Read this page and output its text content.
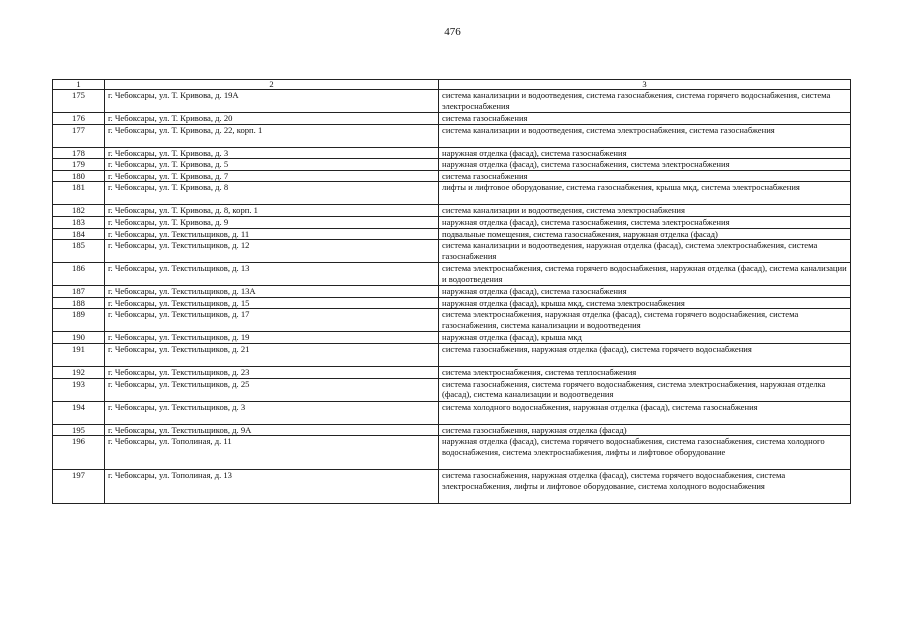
476
1	2	3
175	г. Чебоксары, ул. Т. Кривова, д. 19А	система канализации и водоотведения, система газоснабжения, система горячего водоснабжения, система электроснабжения
176	г. Чебоксары, ул. Т. Кривова, д. 20	система газоснабжения
177	г. Чебоксары, ул. Т. Кривова, д. 22, корп. 1	система канализации и водоотведения, система электроснабжения, система газоснабжения
178	г. Чебоксары, ул. Т. Кривова, д. 3	наружная отделка (фасад), система газоснабжения
179	г. Чебоксары, ул. Т. Кривова, д. 5	наружная отделка (фасад), система газоснабжения, система электроснабжения
180	г. Чебоксары, ул. Т. Кривова, д. 7	система газоснабжения
181	г. Чебоксары, ул. Т. Кривова, д. 8	лифты и лифтовое оборудование, система газоснабжения, крыша мкд, система электроснабжения
182	г. Чебоксары, ул. Т. Кривова, д. 8, корп. 1	система канализации и водоотведения, система электроснабжения
183	г. Чебоксары, ул. Т. Кривова, д. 9	наружная отделка (фасад), система газоснабжения, система электроснабжения
184	г. Чебоксары, ул. Текстильщиков, д. 11	подвальные помещения, система газоснабжения, наружная отделка (фасад)
185	г. Чебоксары, ул. Текстильщиков, д. 12	система канализации и водоотведения, наружная отделка (фасад), система электроснабжения, система газоснабжения
186	г. Чебоксары, ул. Текстильщиков, д. 13	система электроснабжения, система горячего водоснабжения, наружная отделка (фасад), система канализации и водоотведения
187	г. Чебоксары, ул. Текстильщиков, д. 13А	наружная отделка (фасад), система газоснабжения
188	г. Чебоксары, ул. Текстильщиков, д. 15	наружная отделка (фасад), крыша мкд, система электроснабжения
189	г. Чебоксары, ул. Текстильщиков, д. 17	система электроснабжения, наружная отделка (фасад), система горячего водоснабжения, система газоснабжения, система канализации и водоотведения
190	г. Чебоксары, ул. Текстильщиков, д. 19	наружная отделка (фасад), крыша мкд
191	г. Чебоксары, ул. Текстильщиков, д. 21	система газоснабжения, наружная отделка (фасад), система горячего водоснабжения
192	г. Чебоксары, ул. Текстильщиков, д. 23	система электроснабжения, система теплоснабжения
193	г. Чебоксары, ул. Текстильщиков, д. 25	система газоснабжения, система горячего водоснабжения, система электроснабжения, наружная отделка (фасад), система канализации и водоотведения
194	г. Чебоксары, ул. Текстильщиков, д. 3	система холодного водоснабжения, наружная отделка (фасад), система газоснабжения
195	г. Чебоксары, ул. Текстильщиков, д. 9А	система газоснабжения, наружная отделка (фасад)
196	г. Чебоксары, ул. Тополиная, д. 11	наружная отделка (фасад), система горячего водоснабжения, система газоснабжения, система холодного водоснабжения, система электроснабжения, лифты и лифтовое оборудование
197	г. Чебоксары, ул. Тополиная, д. 13	система газоснабжения, наружная отделка (фасад), система горячего водоснабжения, система электроснабжения, лифты и лифтовое оборудование, система холодного водоснабжения
